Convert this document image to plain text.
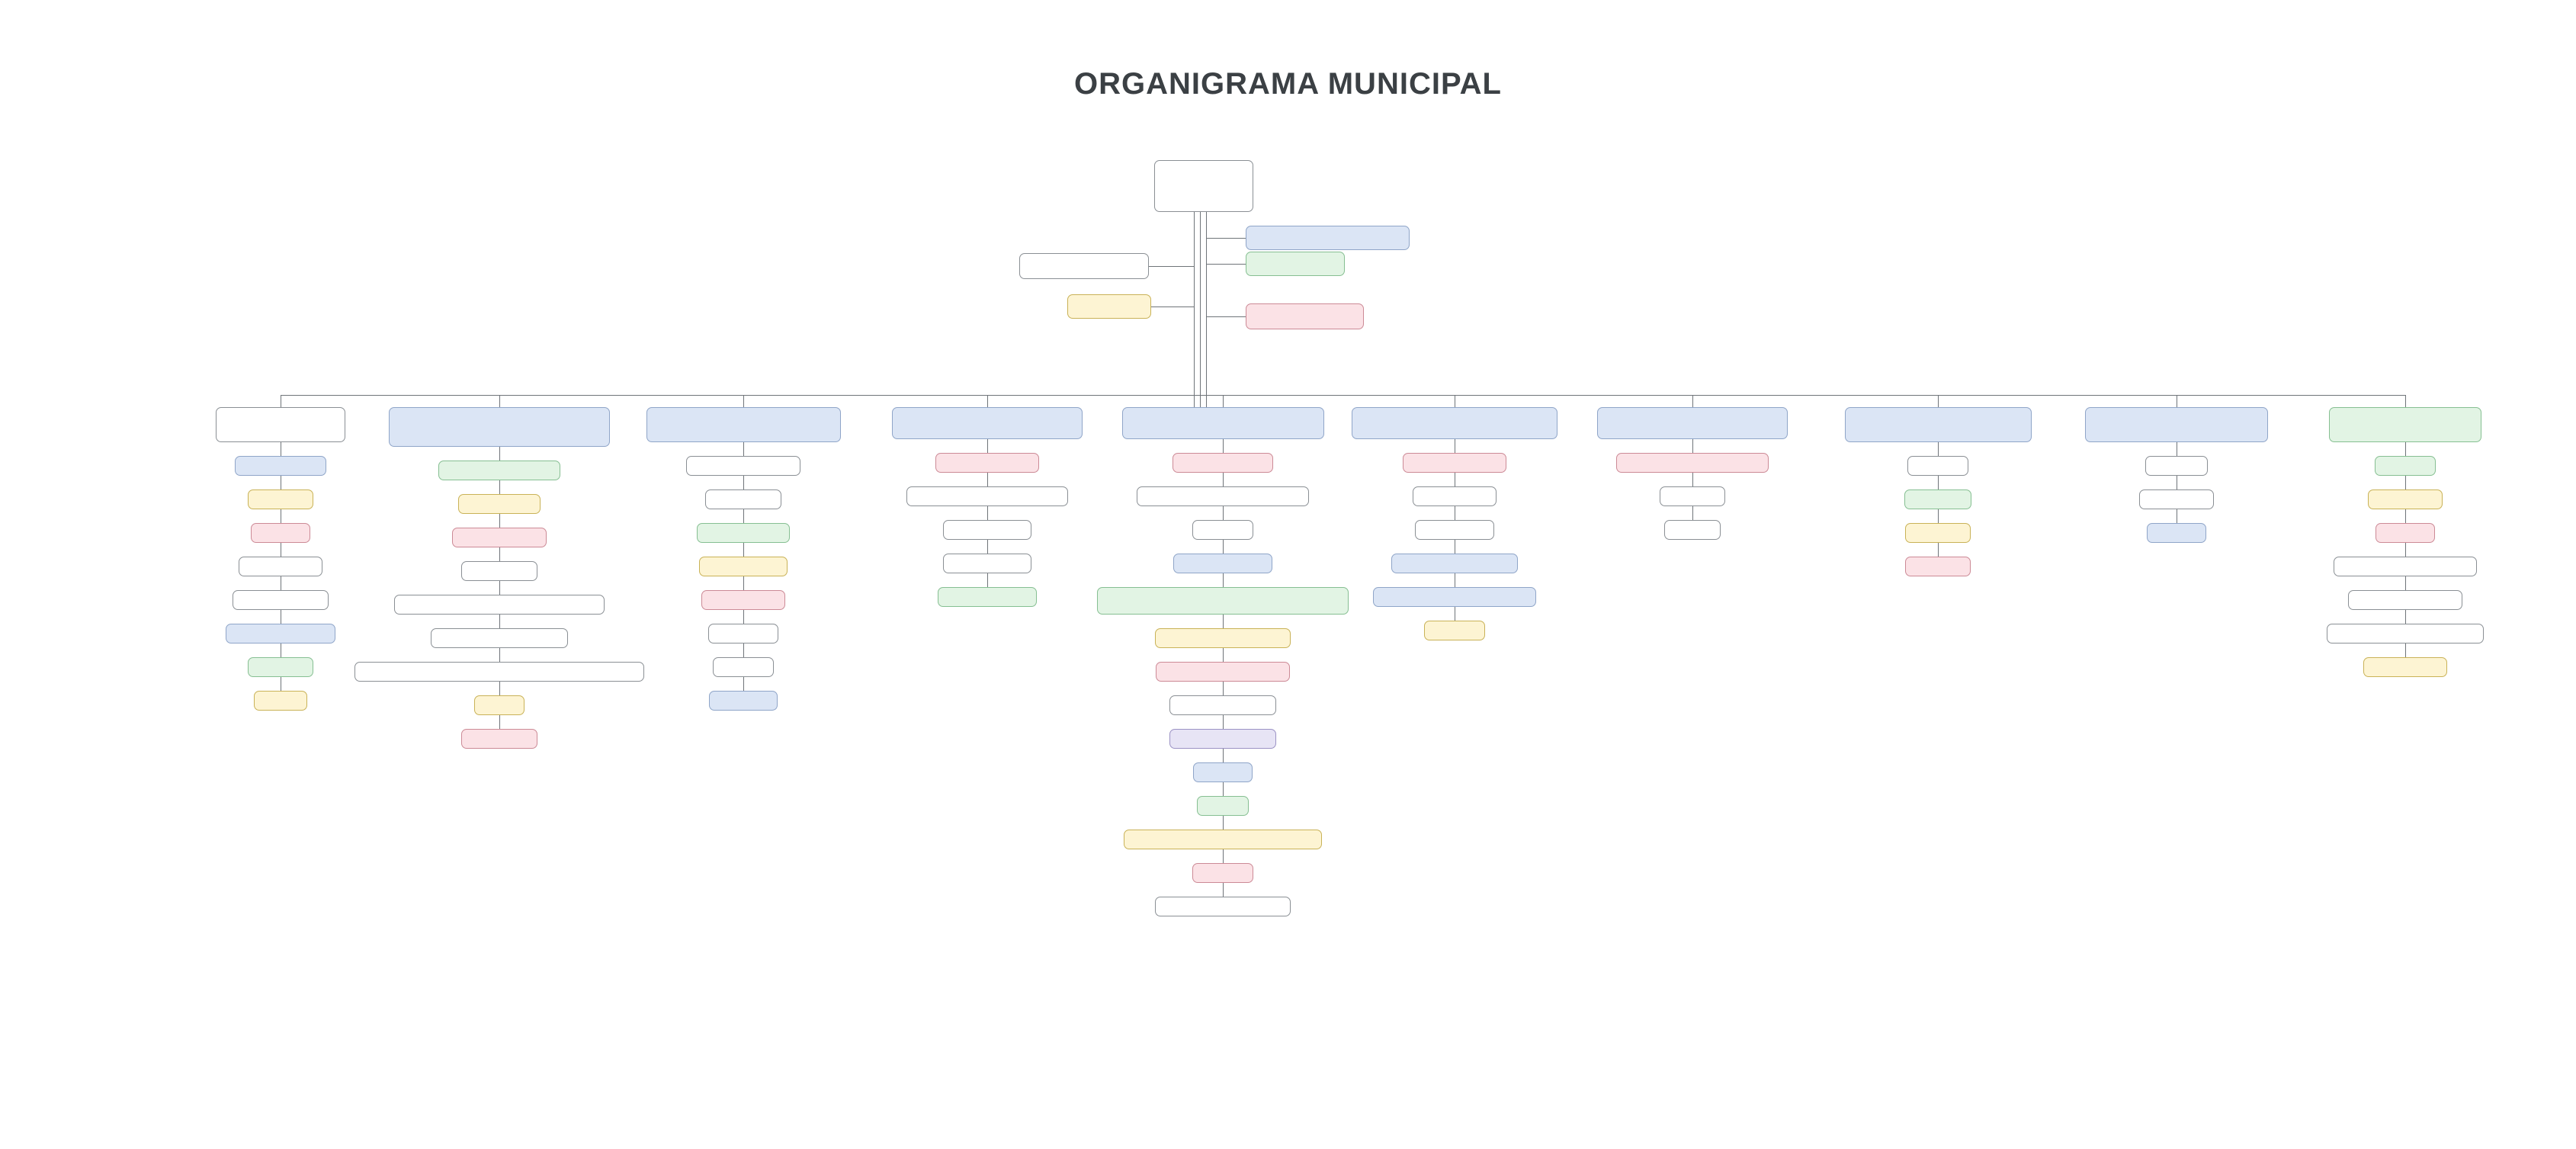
ORGANIGRAMA MUNICIPAL
